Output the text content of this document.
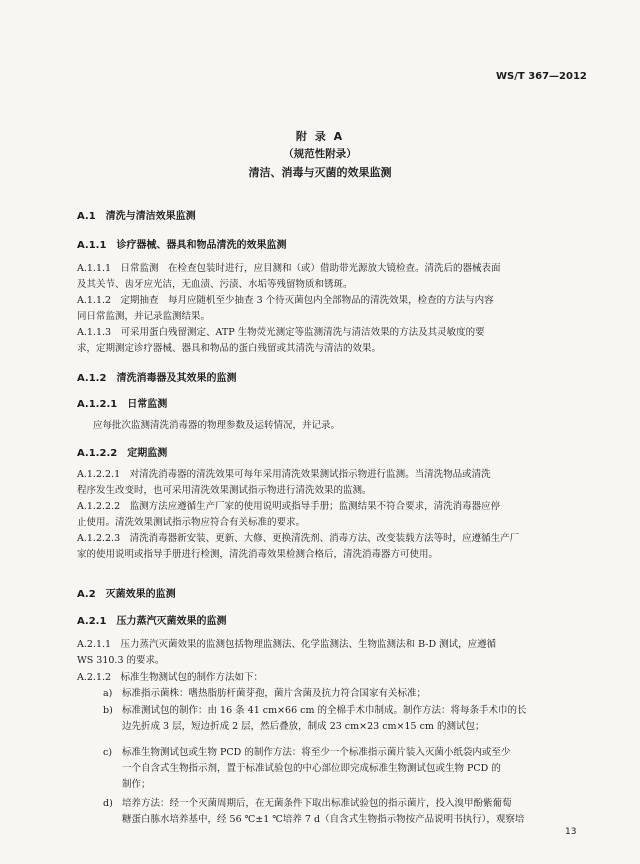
WS/T 367—2012
附 录 A
（规范性附录）
清洁、消毒与灭菌的效果监测
A.1　清洗与清洁效果监测
A.1.1　诊疗器械、器具和物品清洗的效果监测
A.1.1.1　日常监测　在检查包装时进行，应目测和（或）借助带光源放大镜检查。清洗后的器械表面
及其关节、齿牙应光洁，无血渍、污渍、水垢等残留物质和锈斑。
A.1.1.2　定期抽查　每月应随机至少抽查 3 个待灭菌包内全部物品的清洗效果，检查的方法与内容
同日常监测，并记录监测结果。
A.1.1.3　可采用蛋白残留测定、ATP 生物荧光测定等监测清洗与清洁效果的方法及其灵敏度的要
求，定期测定诊疗器械、器具和物品的蛋白残留或其清洗与清洁的效果。
A.1.2　清洗消毒器及其效果的监测
A.1.2.1　日常监测
应每批次监测清洗消毒器的物理参数及运转情况，并记录。
A.1.2.2　定期监测
A.1.2.2.1　对清洗消毒器的清洗效果可每年采用清洗效果测试指示物进行监测。当清洗物品或清洗
程序发生改变时，也可采用清洗效果测试指示物进行清洗效果的监测。
A.1.2.2.2　监测方法应遵循生产厂家的使用说明或指导手册；监测结果不符合要求，清洗消毒器应停
止使用。清洗效果测试指示物应符合有关标准的要求。
A.1.2.2.3　清洗消毒器新安装、更新、大修、更换清洗剂、消毒方法、改变装载方法等时，应遵循生产厂
家的使用说明或指导手册进行检测，清洗消毒效果检测合格后，清洗消毒器方可使用。
A.2　灭菌效果的监测
A.2.1　压力蒸汽灭菌效果的监测
A.2.1.1　压力蒸汽灭菌效果的监测包括物理监测法、化学监测法、生物监测法和 B-D 测试，应遵循
WS 310.3 的要求。
A.2.1.2　标准生物测试包的制作方法如下：
a) 标准指示菌株：嗜热脂肪杆菌芽孢，菌片含菌及抗力符合国家有关标准；
b) 标准测试包的制作：由 16 条 41 cm×66 cm 的全棉手术巾制成。制作方法：将每条手术巾的长
边先折成 3 层，短边折成 2 层，然后叠放，制成 23 cm×23 cm×15 cm 的测试包；
c) 标准生物测试包或生物 PCD 的制作方法：将至少一个标准指示菌片装入灭菌小纸袋内或至少
一个自含式生物指示剂，置于标准试验包的中心部位即完成标准生物测试包或生物 PCD 的
制作；
d) 培养方法：经一个灭菌周期后，在无菌条件下取出标准试验包的指示菌片，投入溴甲酚紫葡萄
糖蛋白胨水培养基中，经 56 ℃±1 ℃培养 7 d（自含式生物指示物按产品说明书执行），观察培
13
